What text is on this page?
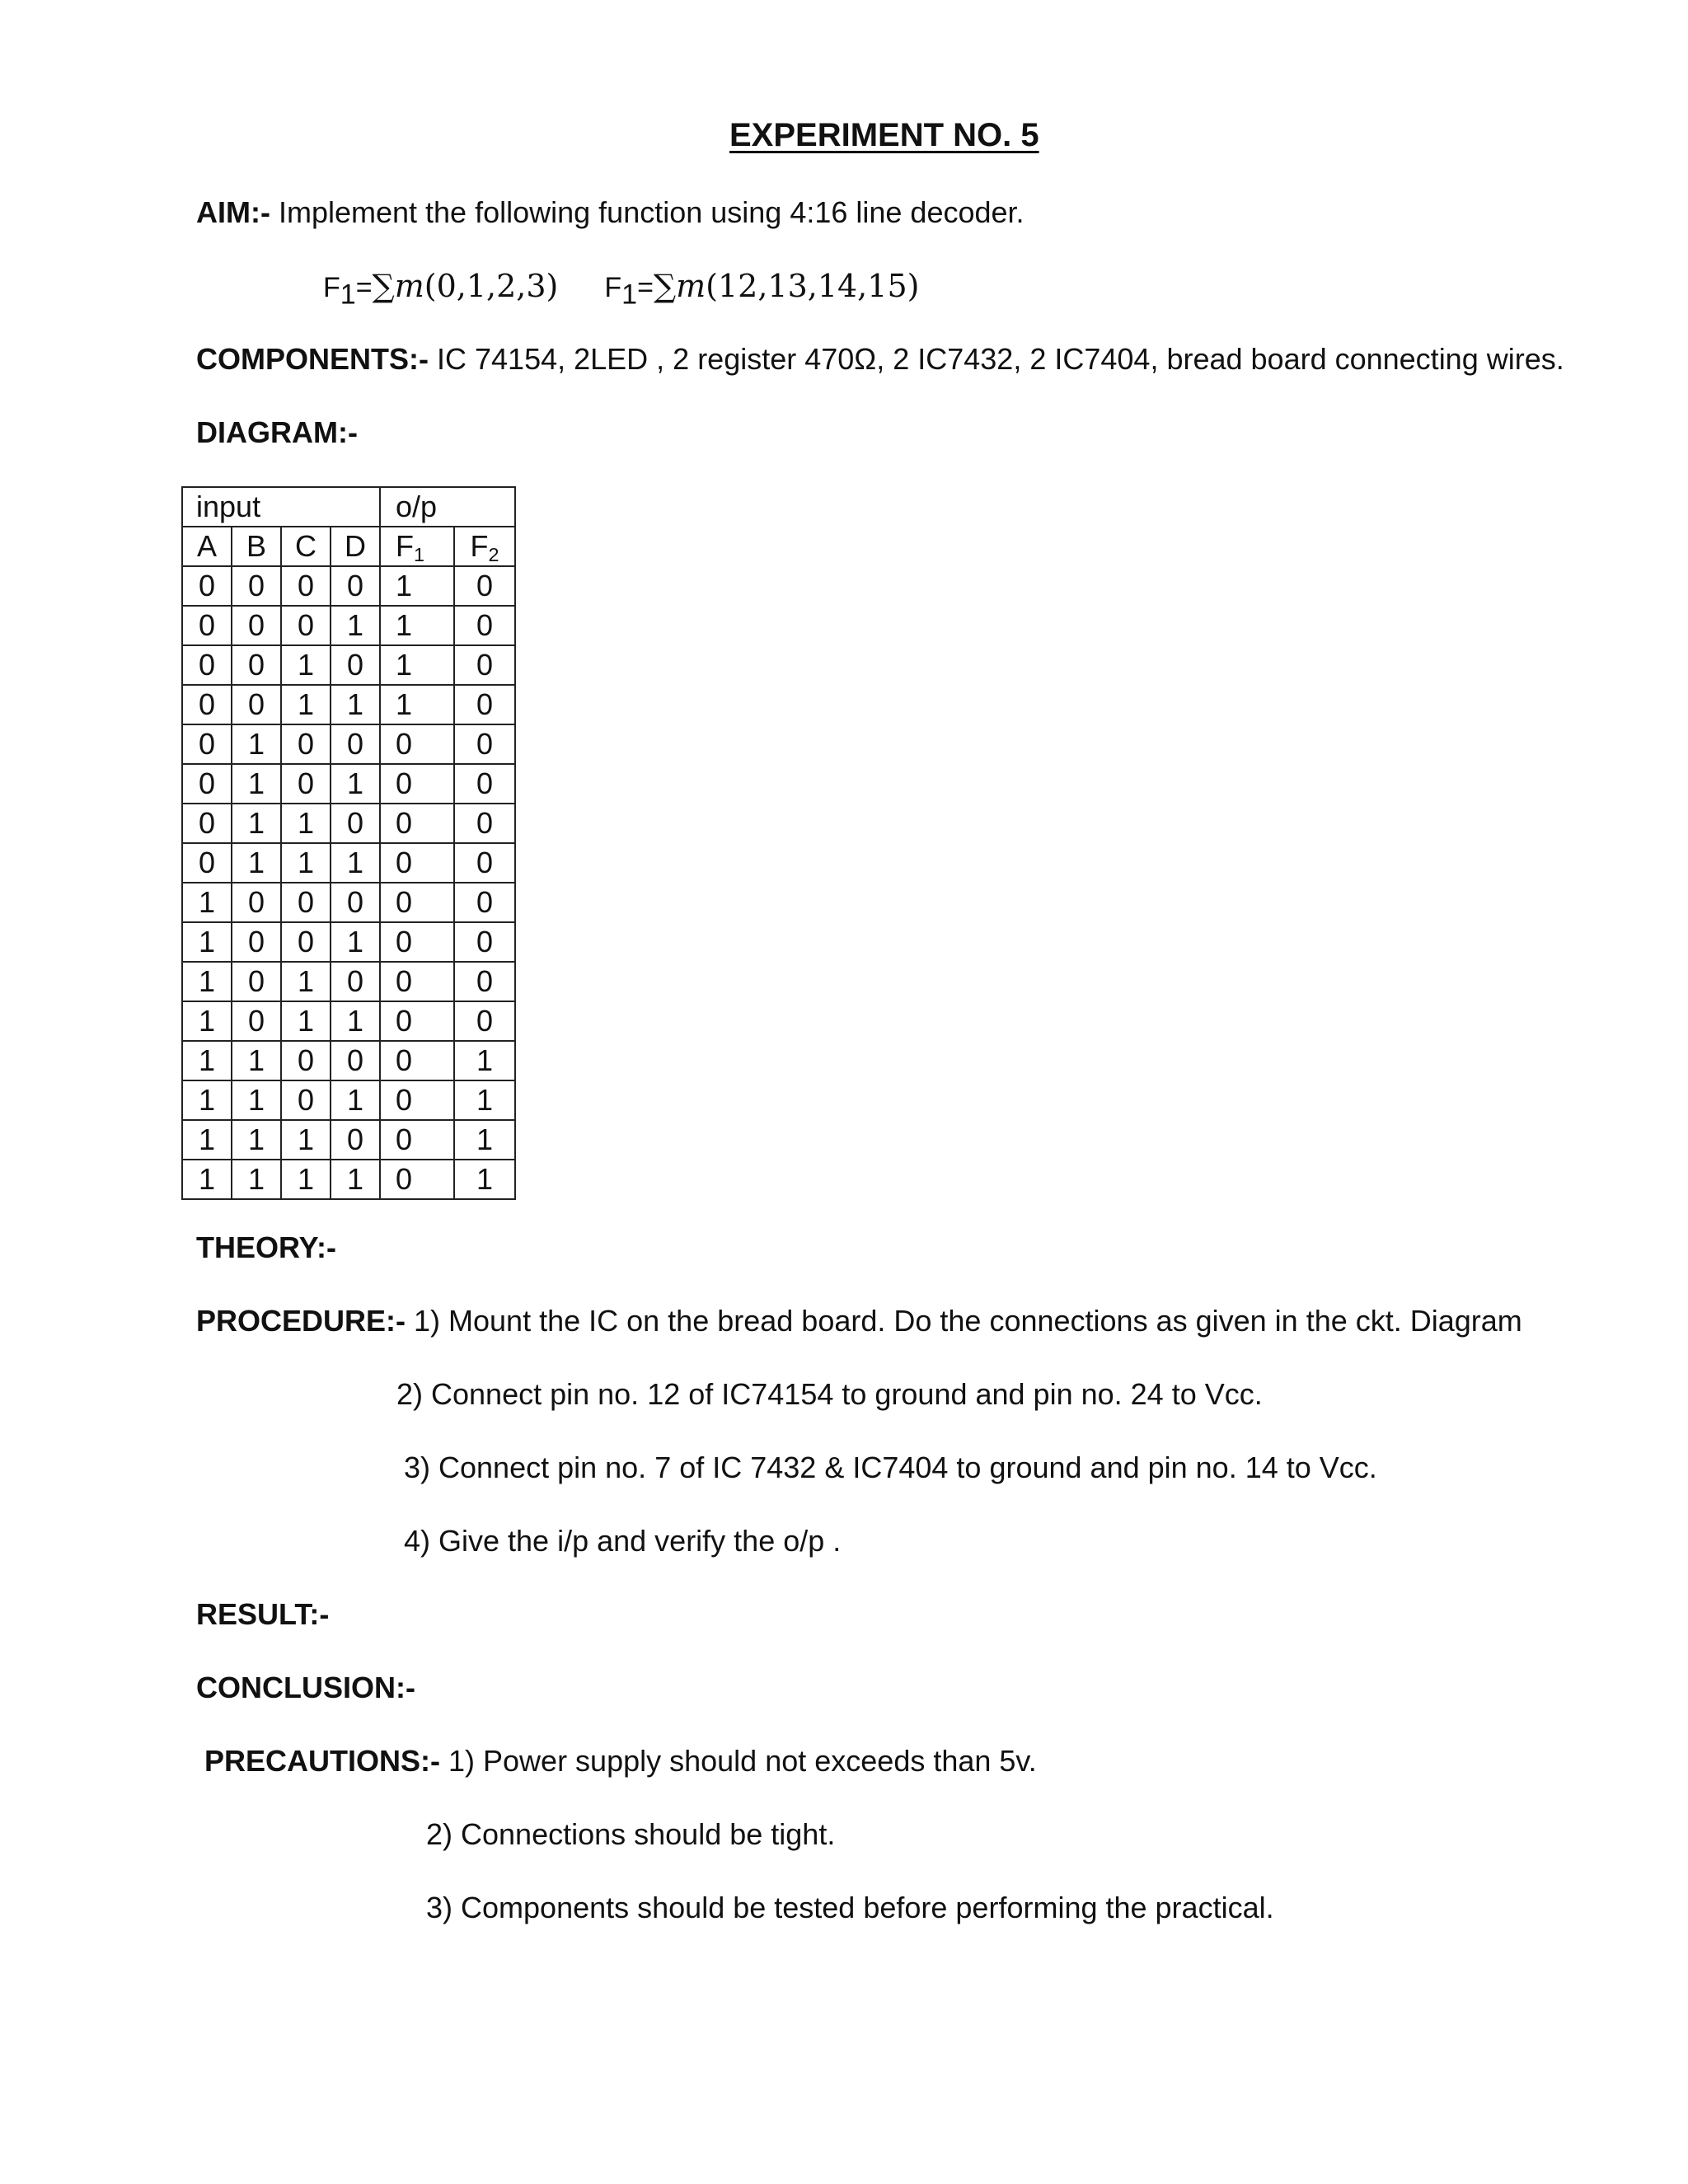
EXPERIMENT NO. 5
AIM:- Implement the following function using 4:16 line decoder.
$F_1=\sum m(0,1,2,3)$ $F_1=\sum m(12,13,14,15)$
COMPONENTS:- IC 74154, 2LED , 2 register 470Ω, 2 IC7432, 2 IC7404, bread board connecting wires.
DIAGRAM:-
input				o/p	
A	B	C	D	$F_1$	$F_2$
0	0	0	0	1	0
0	0	0	1	1	0
0	0	1	0	1	0
0	0	1	1	1	0
0	1	0	0	0	0
0	1	0	1	0	0
0	1	1	0	0	0
0	1	1	1	0	0
1	0	0	0	0	0
1	0	0	1	0	0
1	0	1	0	0	0
1	0	1	1	0	0
1	1	0	0	0	1
1	1	0	1	0	1
1	1	1	0	0	1
1	1	1	1	0	1
THEORY:-
PROCEDURE:- 1) Mount the IC on the bread board. Do the connections as given in the ckt. Diagram
2) Connect pin no. 12 of IC74154 to ground and pin no. 24 to Vcc.
3) Connect pin no. 7 of IC 7432 & IC7404 to ground and pin no. 14 to Vcc.
4) Give the i/p and verify the o/p .
RESULT:-
CONCLUSION:-
PRECAUTIONS:- 1) Power supply should not exceeds than 5v.
2) Connections should be tight.
3) Components should be tested before performing the practical.
